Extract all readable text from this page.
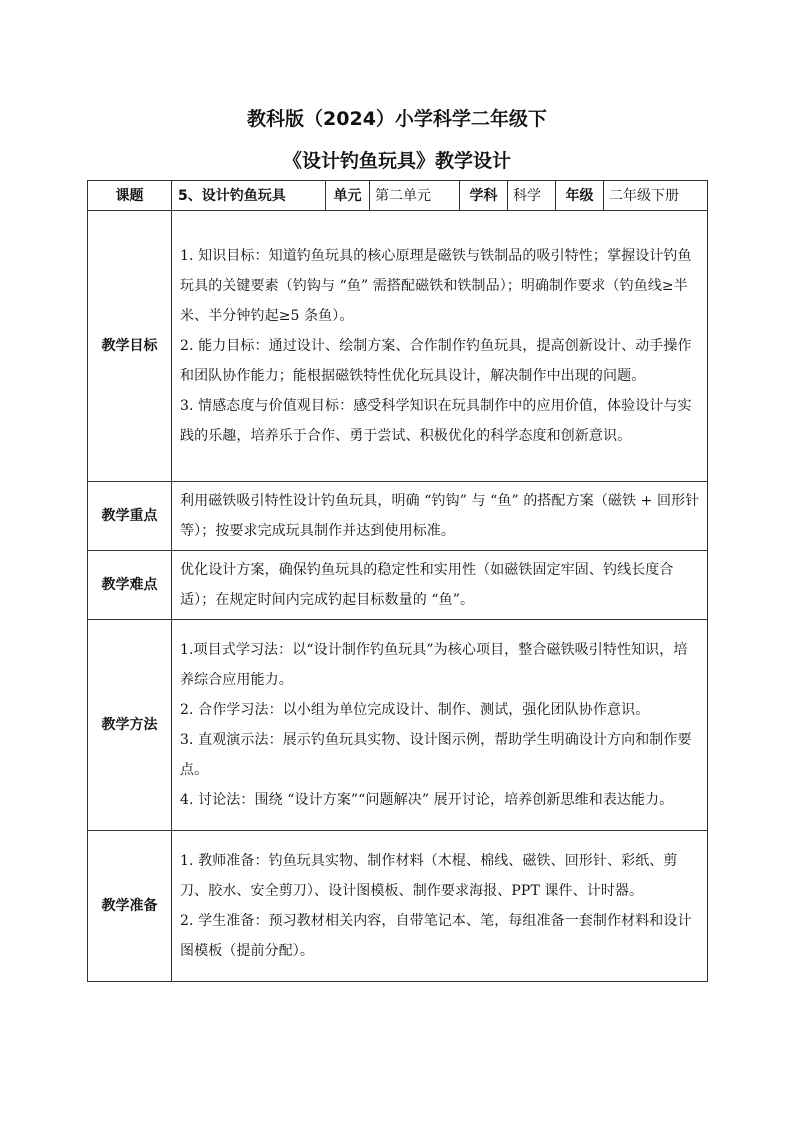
教科版（2024）小学科学二年级下
《设计钓鱼玩具》教学设计
课题	5、设计钓鱼玩具	单元	第二单元	学科	科学	年级	二年级下册
教学目标	1. 知识目标：知道钓鱼玩具的核心原理是磁铁与铁制品的吸引特性；掌握设计钓鱼玩具的关键要素（钓钩与 “鱼” 需搭配磁铁和铁制品）；明确制作要求（钓鱼线≥半米、半分钟钓起≥5 条鱼）。

2. 能力目标：通过设计、绘制方案、合作制作钓鱼玩具，提高创新设计、动手操作和团队协作能力；能根据磁铁特性优化玩具设计，解决制作中出现的问题。

3. 情感态度与价值观目标：感受科学知识在玩具制作中的应用价值，体验设计与实践的乐趣，培养乐于合作、勇于尝试、积极优化的科学态度和创新意识。						

教学重点	利用磁铁吸引特性设计钓鱼玩具，明确 “钓钩” 与 “鱼” 的搭配方案（磁铁 + 回形针等）；按要求完成玩具制作并达到使用标准。						

教学难点	优化设计方案，确保钓鱼玩具的稳定性和实用性（如磁铁固定牢固、钓线长度合适）；在规定时间内完成钓起目标数量的 “鱼”。						

教学方法	1.项目式学习法：以“设计制作钓鱼玩具”为核心项目，整合磁铁吸引特性知识，培养综合应用能力。

2. 合作学习法：以小组为单位完成设计、制作、测试，强化团队协作意识。

3. 直观演示法：展示钓鱼玩具实物、设计图示例，帮助学生明确设计方向和制作要点。

4. 讨论法：围绕 “设计方案”“问题解决” 展开讨论，培养创新思维和表达能力。						

教学准备	1. 教师准备：钓鱼玩具实物、制作材料（木棍、棉线、磁铁、回形针、彩纸、剪刀、胶水、安全剪刀）、设计图模板、制作要求海报、PPT 课件、计时器。

2. 学生准备：预习教材相关内容，自带笔记本、笔，每组准备一套制作材料和设计图模板（提前分配）。						
